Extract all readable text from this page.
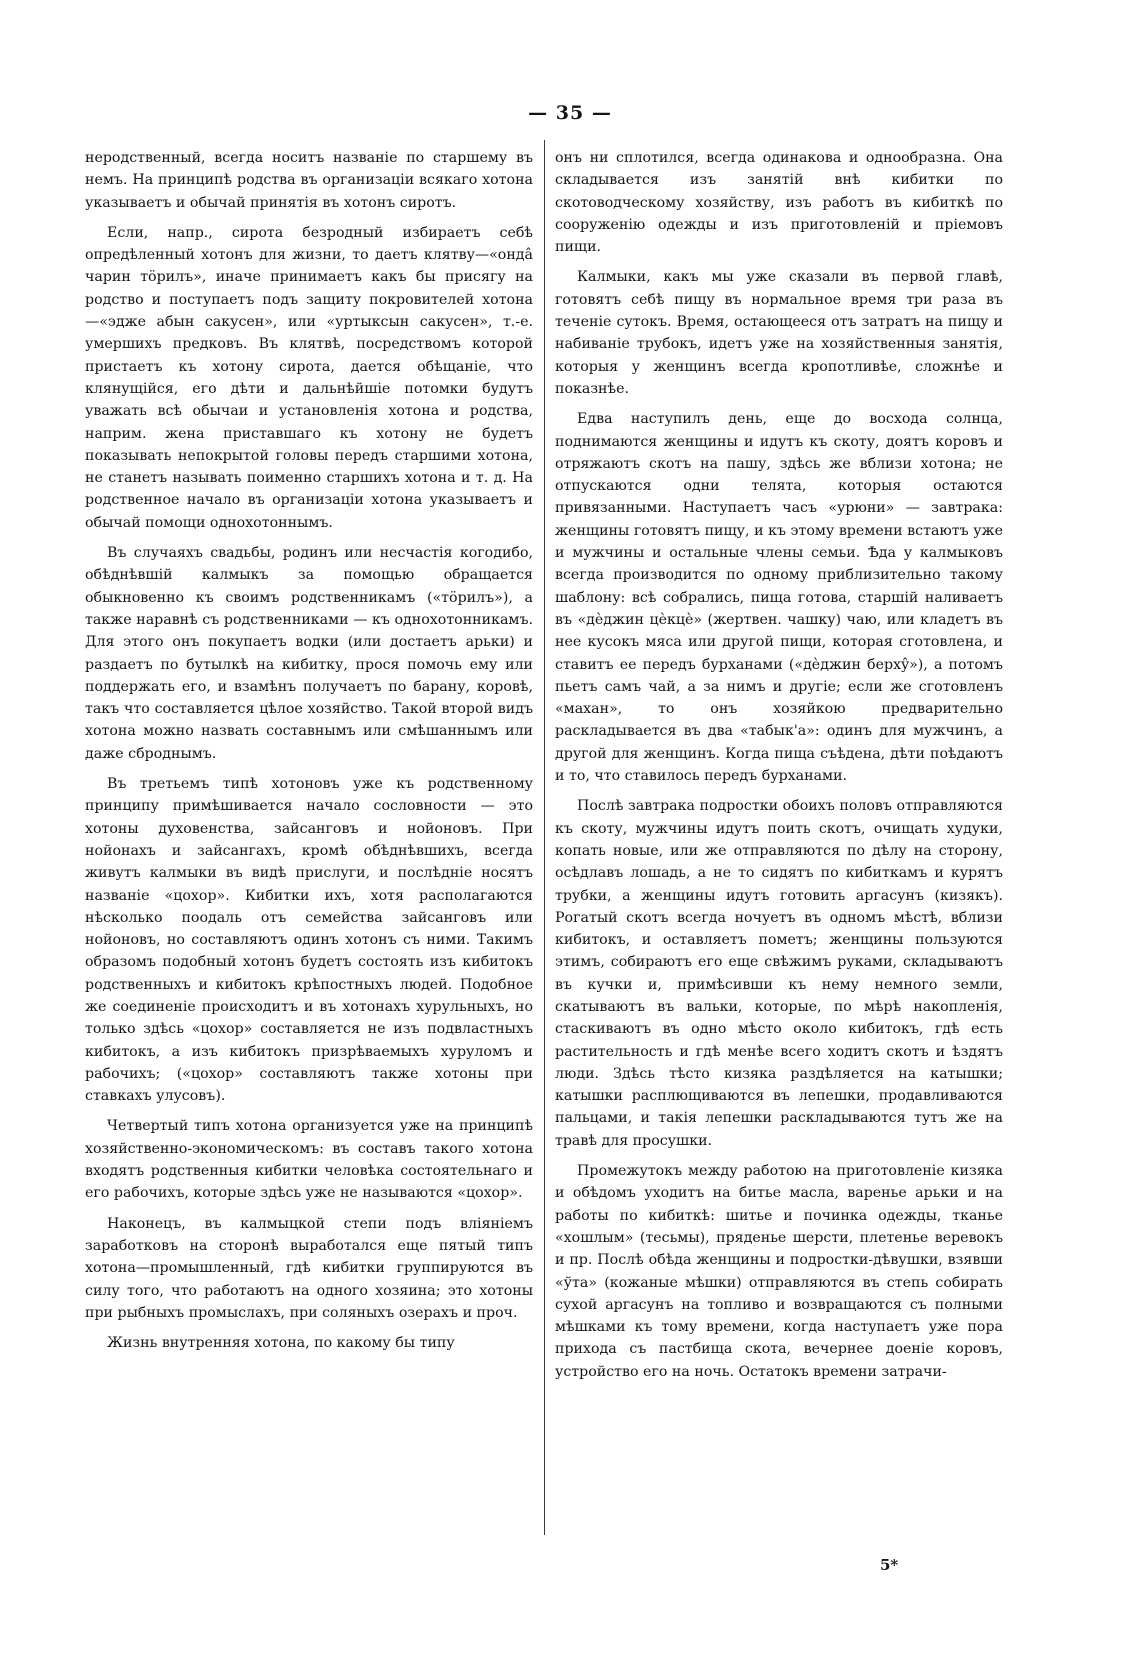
— 35 —

неродственный, всегда носитъ названіе по старшему въ немъ. На принципѣ родства въ организаціи всякаго хотона указываетъ и обычай принятія въ хотонъ сиротъ.

Если, напр., сирота безродный избираетъ себѣ опредѣленный хотонъ для жизни, то даетъ клятву—«ондâ чарин тöрилъ», иначе принимаетъ какъ бы присягу на родство и поступаетъ подъ защиту покровителей хотона—«эдже абын сакусен», или «уртыксын сакусен», т.-е. умершихъ предковъ. Въ клятвѣ, посредствомъ которой пристаетъ къ хотону сирота, дается обѣщаніе, что клянущійся, его дѣти и дальнѣйшіе потомки будутъ уважать всѣ обычаи и установленія хотона и родства, наприм. жена приставшаго къ хотону не будетъ показывать непокрытой головы передъ старшими хотона, не станетъ называть поименно старшихъ хотона и т. д. На родственное начало въ организаціи хотона указываетъ и обычай помощи однохотоннымъ.

Въ случаяхъ свадьбы, родинъ или несчастія когодибо, обѣднѣвшій калмыкъ за помощью обращается обыкновенно къ своимъ родственникамъ («тöрилъ»), а также наравнѣ съ родственниками — къ однохотонникамъ. Для этого онъ покупаетъ водки (или достаетъ арьки) и раздаетъ по бутылкѣ на кибитку, прося помочь ему или поддержать его, и взамѣнъ получаетъ по барану, коровѣ, такъ что составляется цѣлое хозяйство. Такой второй видъ хотона можно назвать составнымъ или смѣшаннымъ или даже сброднымъ.

Въ третьемъ типѣ хотоновъ уже къ родственному принципу примѣшивается начало сословности — это хотоны духовенства, зайсанговъ и нойоновъ. При нойонахъ и зайсангахъ, кромѣ обѣднѣвшихъ, всегда живутъ калмыки въ видѣ прислуги, и послѣдніе носятъ названіе «цохор». Кибитки ихъ, хотя располагаются нѣсколько поодаль отъ семейства зайсанговъ или нойоновъ, но составляютъ одинъ хотонъ съ ними. Такимъ образомъ подобный хотонъ будетъ состоять изъ кибитокъ родственныхъ и кибитокъ крѣпостныхъ людей. Подобное же соединеніе происходитъ и въ хотонахъ хурульныхъ, но только здѣсь «цохор» составляется не изъ подвластныхъ кибитокъ, а изъ кибитокъ призрѣваемыхъ хуруломъ и рабочихъ; («цохор» составляютъ также хотоны при ставкахъ улусовъ).

Четвертый типъ хотона организуется уже на принципѣ хозяйственно-экономическомъ: въ составъ такого хотона входятъ родственныя кибитки человѣка состоятельнаго и его рабочихъ, которые здѣсь уже не называются «цохор».

Наконецъ, въ калмыцкой степи подъ вліяніемъ заработковъ на сторонѣ выработался еще пятый типъ хотона—промышленный, гдѣ кибитки группируются въ силу того, что работаютъ на одного хозяина; это хотоны при рыбныхъ промыслахъ, при соляныхъ озерахъ и проч.

Жизнь внутренняя хотона, по какому бы типу

онъ ни сплотился, всегда одинакова и однообразна. Она складывается изъ занятій внѣ кибитки по скотоводческому хозяйству, изъ работъ въ кибиткѣ по сооруженію одежды и изъ приготовленій и пріемовъ пищи.

Калмыки, какъ мы уже сказали въ первой главѣ, готовятъ себѣ пищу въ нормальное время три раза въ теченіе сутокъ. Время, остающееся отъ затратъ на пищу и набиваніе трубокъ, идетъ уже на хозяйственныя занятія, которыя у женщинъ всегда кропотливѣе, сложнѣе и показнѣе.

Едва наступилъ день, еще до восхода солнца, поднимаются женщины и идутъ къ скоту, доятъ коровъ и отряжаютъ скотъ на пашу, здѣсь же вблизи хотона; не отпускаются одни телята, которыя остаются привязанными. Наступаетъ часъ «урюни» — завтрака: женщины готовятъ пищу, и къ этому времени встаютъ уже и мужчины и остальные члены семьи. Ѣда у калмыковъ всегда производится по одному приблизительно такому шаблону: всѣ собрались, пища готова, старшій наливаетъ въ «дѐджин цѐкцѐ» (жертвен. чашку) чаю, или кладетъ въ нее кусокъ мяса или другой пищи, которая сготовлена, и ставитъ ее передъ бурханами («дѐджин берхŷ»), а потомъ пьетъ самъ чай, а за нимъ и другіе; если же сготовленъ «махан», то онъ хозяйкою предварительно раскладывается въ два «табык'а»: одинъ для мужчинъ, а другой для женщинъ. Когда пища съѣдена, дѣти поѣдаютъ и то, что ставилось передъ бурханами.

Послѣ завтрака подростки обоихъ половъ отправляются къ скоту, мужчины идутъ поить скотъ, очищать худуки, копать новые, или же отправляются по дѣлу на сторону, осѣдлавъ лошадь, а не то сидятъ по кибиткамъ и курятъ трубки, а женщины идутъ готовить аргасунъ (кизякъ). Рогатый скотъ всегда ночуетъ въ одномъ мѣстѣ, вблизи кибитокъ, и оставляетъ пометъ; женщины пользуются этимъ, собираютъ его еще свѣжимъ руками, складываютъ въ кучки и, примѣсивши къ нему немного земли, скатываютъ въ вальки, которые, по мѣрѣ накопленія, стаскиваютъ въ одно мѣсто около кибитокъ, гдѣ есть растительность и гдѣ менѣе всего ходитъ скотъ и ѣздятъ люди. Здѣсь тѣсто кизяка раздѣляется на катышки; катышки расплющиваются въ лепешки, продавливаются пальцами, и такія лепешки раскладываются тутъ же на травѣ для просушки.

Промежутокъ между работою на приготовленіе кизяка и обѣдомъ уходитъ на битье масла, варенье арьки и на работы по кибиткѣ: шитье и починка одежды, тканье «хошлым» (тесьмы), пряденье шерсти, плетенье веревокъ и пр. Послѣ обѣда женщины и подростки-дѣвушки, взявши «ўта» (кожаные мѣшки) отправляются въ степь собирать сухой аргасунъ на топливо и возвращаются съ полными мѣшками къ тому времени, когда наступаетъ уже пора прихода съ пастбища скота, вечернее доеніе коровъ, устройство его на ночь. Остатокъ времени затрачи-

5*
